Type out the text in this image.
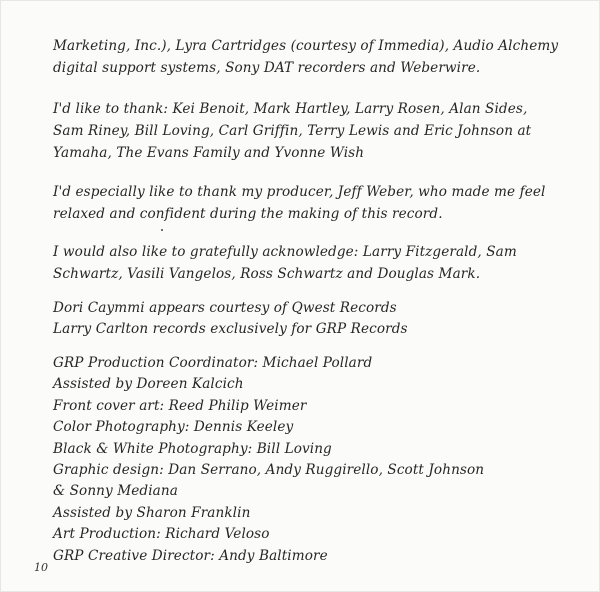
Marketing, Inc.), Lyra Cartridges (courtesy of Immedia), Audio Alchemy
digital support systems, Sony DAT recorders and Weberwire.

I'd like to thank: Kei Benoit, Mark Hartley, Larry Rosen, Alan Sides,
Sam Riney, Bill Loving, Carl Griffin, Terry Lewis and Eric Johnson at
Yamaha, The Evans Family and Yvonne Wish

I'd especially like to thank my producer, Jeff Weber, who made me feel
relaxed and confident during the making of this record.

I would also like to gratefully acknowledge: Larry Fitzgerald, Sam
Schwartz, Vasili Vangelos, Ross Schwartz and Douglas Mark.

Dori Caymmi appears courtesy of Qwest Records
Larry Carlton records exclusively for GRP Records

GRP Production Coordinator: Michael Pollard
Assisted by Doreen Kalcich
Front cover art: Reed Philip Weimer
Color Photography: Dennis Keeley
Black & White Photography: Bill Loving
Graphic design: Dan Serrano, Andy Ruggirello, Scott Johnson
& Sonny Mediana
Assisted by Sharon Franklin
Art Production: Richard Veloso
GRP Creative Director: Andy Baltimore
10
